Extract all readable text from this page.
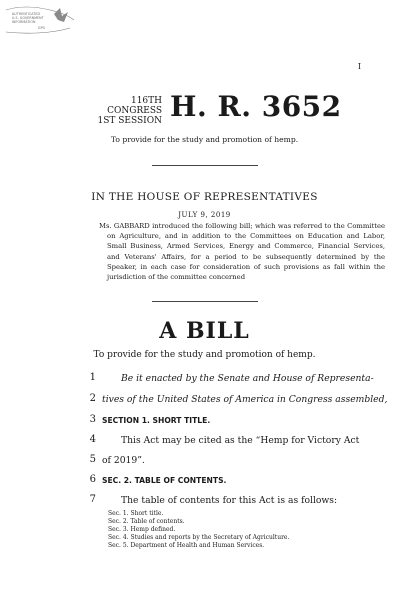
AUTHENTICATED
U.S. GOVERNMENT
INFORMATION
GPO
I
116TH CONGRESS
1ST SESSION H. R. 3652
To provide for the study and promotion of hemp.
IN THE HOUSE OF REPRESENTATIVES
JULY 9, 2019
Ms. GABBARD introduced the following bill; which was referred to the Committee on Agriculture, and in addition to the Committees on Education and Labor, Small Business, Armed Services, Energy and Commerce, Financial Services, and Veterans' Affairs, for a period to be subsequently determined by the Speaker, in each case for consideration of such provisions as fall within the jurisdiction of the committee concerned
A BILL
To provide for the study and promotion of hemp.
1	Be it enacted by the Senate and House of Representa-
2 tives of the United States of America in Congress assembled,
3 SECTION 1. SHORT TITLE.
4	This Act may be cited as the “Hemp for Victory Act
5 of 2019”.
6 SEC. 2. TABLE OF CONTENTS.
7	The table of contents for this Act is as follows:
Sec. 1. Short title.
Sec. 2. Table of contents.
Sec. 3. Hemp defined.
Sec. 4. Studies and reports by the Secretary of Agriculture.
Sec. 5. Department of Health and Human Services.
